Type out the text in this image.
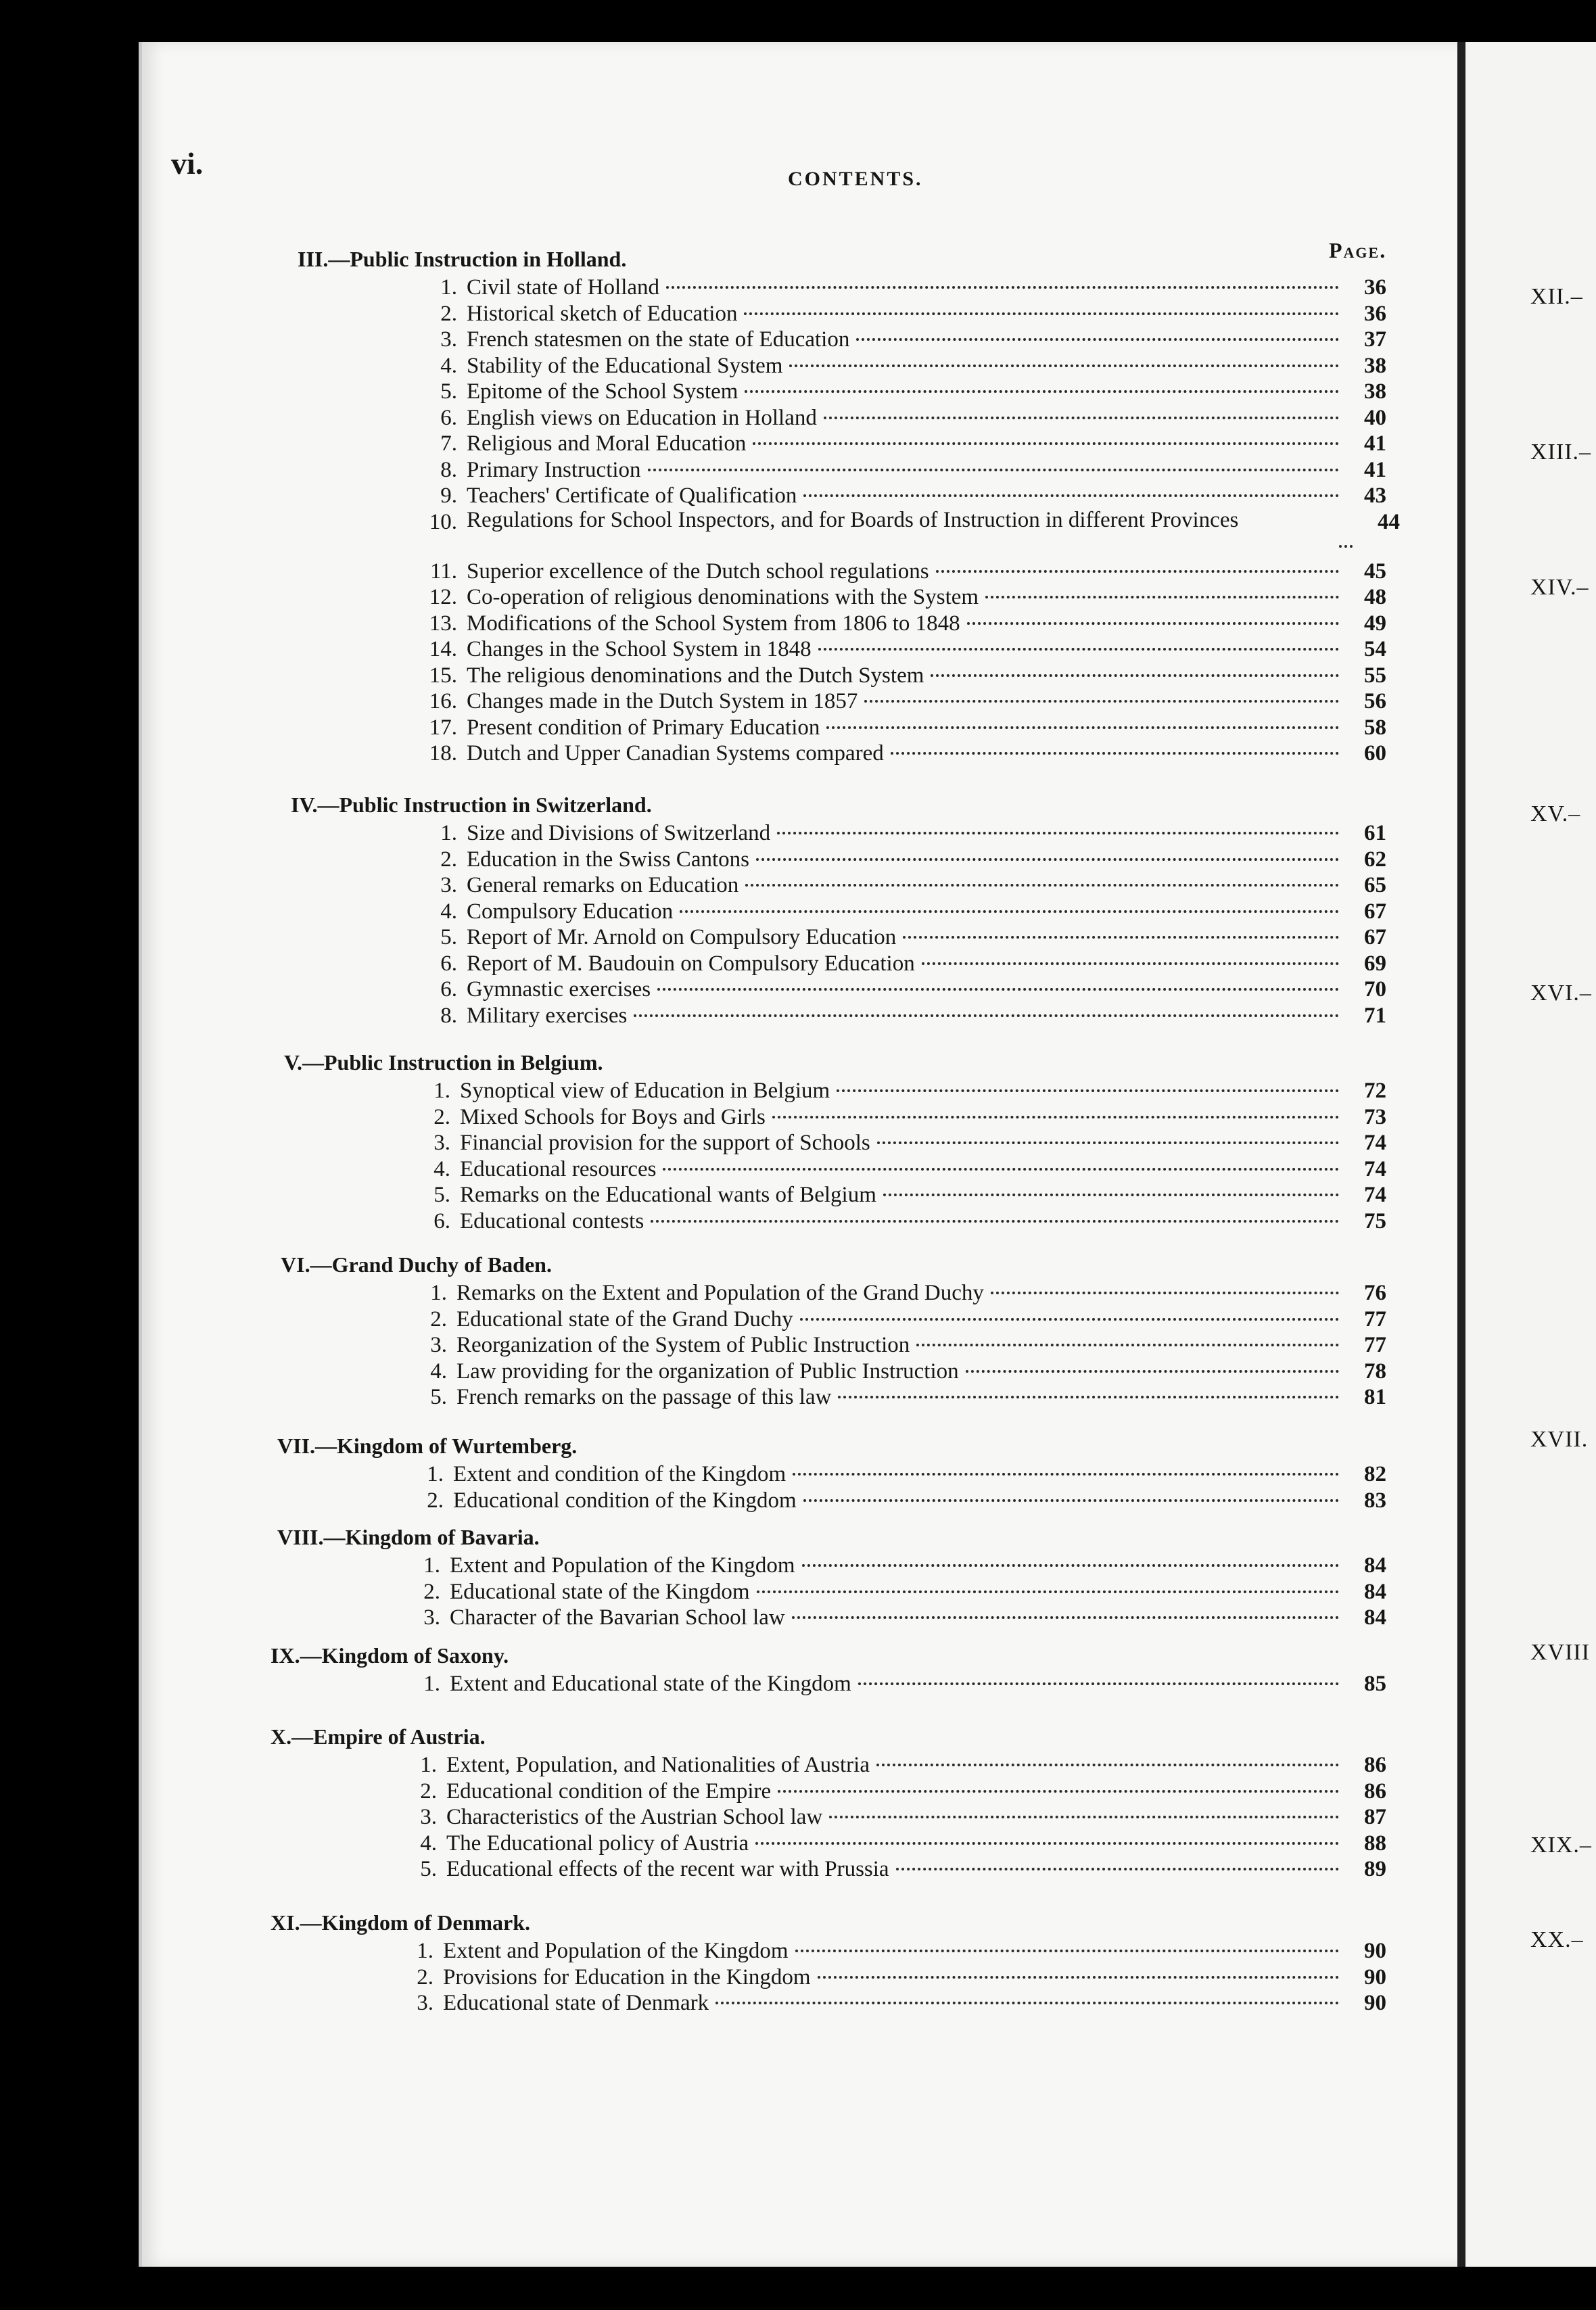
XII.–
XIII.–
XIV.–
XV.–
XVI.–
XVII.
XVIII
XIX.–
XX.–
vi.	CONTENTS.
Page.
III.—Public Instruction in Holland.
1. Civil state of Holland	36
2. Historical sketch of Education	36
3. French statesmen on the state of Education	37
4. Stability of the Educational System	38
5. Epitome of the School System	38
6. English views on Education in Holland	40
7. Religious and Moral Education	41
8. Primary Instruction	41
9. Teachers' Certificate of Qualification	43
10. Regulations for School Inspectors, and for Boards of Instruction in different Provinces	44
11. Superior excellence of the Dutch school regulations	45
12. Co-operation of religious denominations with the System	48
13. Modifications of the School System from 1806 to 1848	49
14. Changes in the School System in 1848	54
15. The religious denominations and the Dutch System	55
16. Changes made in the Dutch System in 1857	56
17. Present condition of Primary Education	58
18. Dutch and Upper Canadian Systems compared	60
IV.—Public Instruction in Switzerland.
1. Size and Divisions of Switzerland	61
2. Education in the Swiss Cantons	62
3. General remarks on Education	65
4. Compulsory Education	67
5. Report of Mr. Arnold on Compulsory Education	67
6. Report of M. Baudouin on Compulsory Education	69
6. Gymnastic exercises	70
8. Military exercises	71
V.—Public Instruction in Belgium.
1. Synoptical view of Education in Belgium	72
2. Mixed Schools for Boys and Girls	73
3. Financial provision for the support of Schools	74
4. Educational resources	74
5. Remarks on the Educational wants of Belgium	74
6. Educational contests	75
VI.—Grand Duchy of Baden.
1. Remarks on the Extent and Population of the Grand Duchy	76
2. Educational state of the Grand Duchy	77
3. Reorganization of the System of Public Instruction	77
4. Law providing for the organization of Public Instruction	78
5. French remarks on the passage of this law	81
VII.—Kingdom of Wurtemberg.
1. Extent and condition of the Kingdom	82
2. Educational condition of the Kingdom	83
VIII.—Kingdom of Bavaria.
1. Extent and Population of the Kingdom	84
2. Educational state of the Kingdom	84
3. Character of the Bavarian School law	84
IX.—Kingdom of Saxony.
1. Extent and Educational state of the Kingdom	85
X.—Empire of Austria.
1. Extent, Population, and Nationalities of Austria	86
2. Educational condition of the Empire	86
3. Characteristics of the Austrian School law	87
4. The Educational policy of Austria	88
5. Educational effects of the recent war with Prussia	89
XI.—Kingdom of Denmark.
1. Extent and Population of the Kingdom	90
2. Provisions for Education in the Kingdom	90
3. Educational state of Denmark	90
